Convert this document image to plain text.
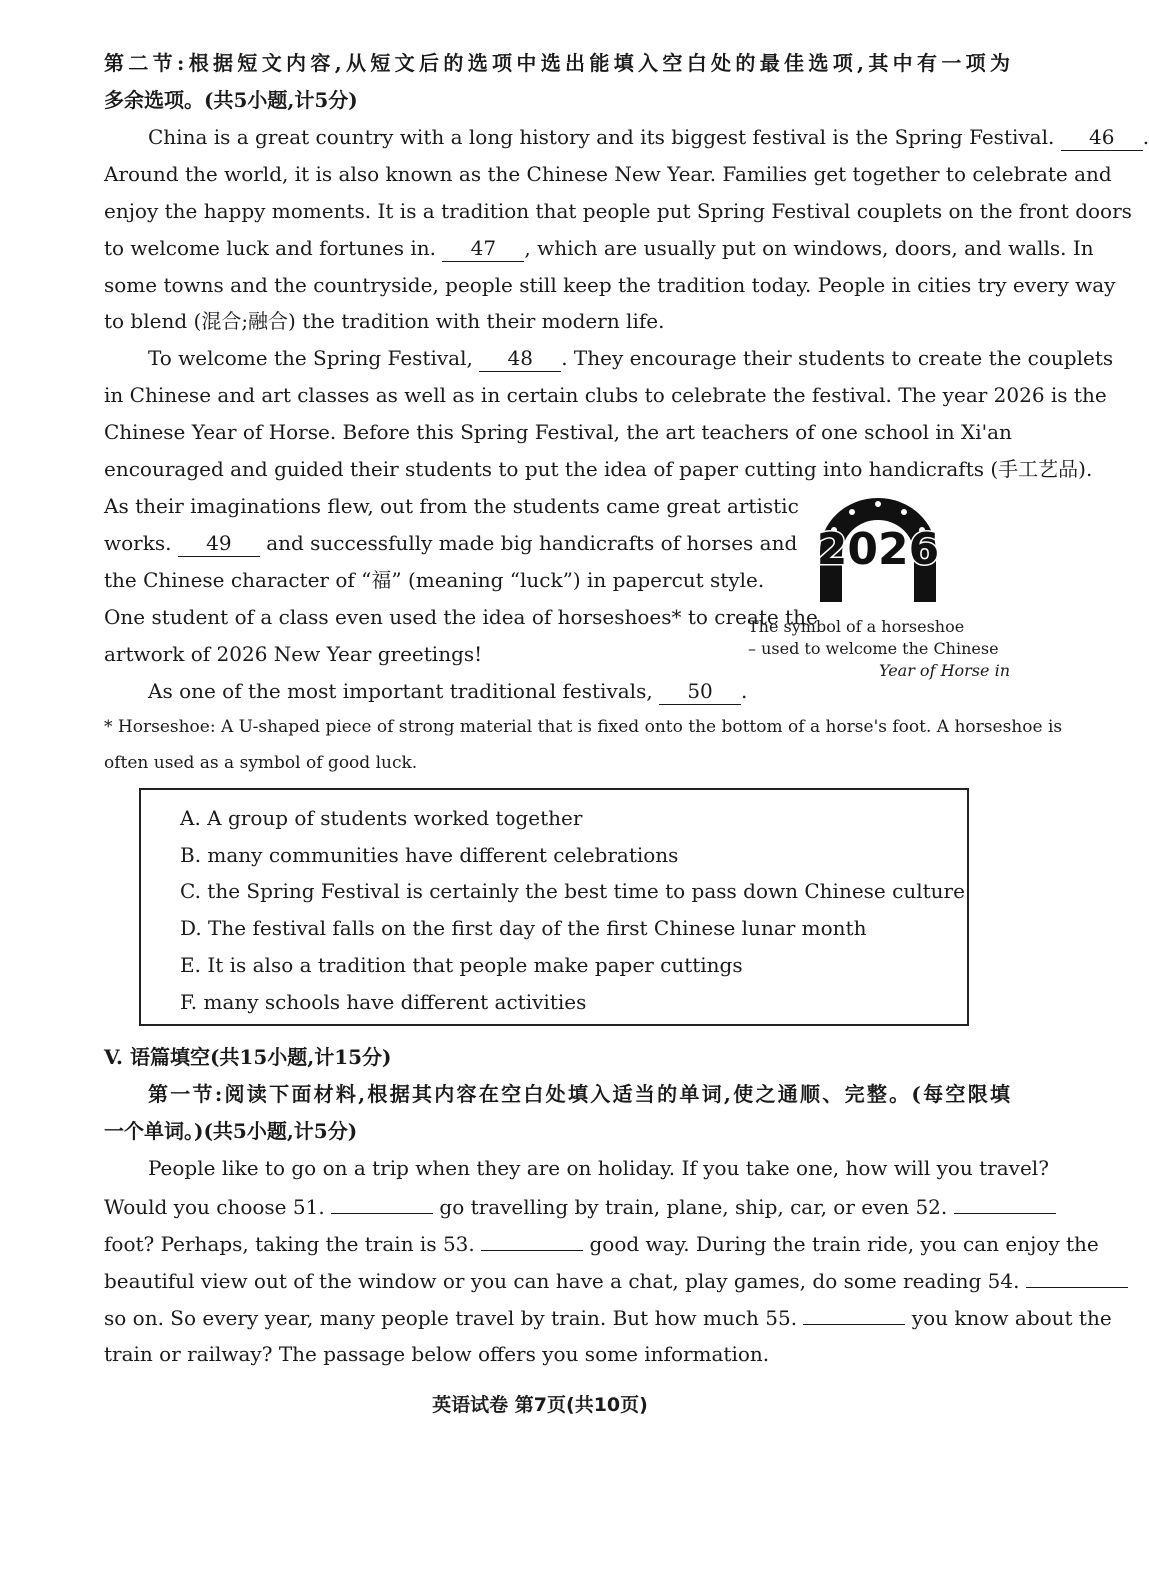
第二节:根据短文内容,从短文后的选项中选出能填入空白处的最佳选项,其中有一项为
多余选项。(共5小题,计5分)
China is a great country with a long history and its biggest festival is the Spring Festival. 46 .
Around the world, it is also known as the Chinese New Year. Families get together to celebrate and
enjoy the happy moments. It is a tradition that people put Spring Festival couplets on the front doors
to welcome luck and fortunes in. 47 , which are usually put on windows, doors, and walls. In
some towns and the countryside, people still keep the tradition today. People in cities try every way
to blend (混合;融合) the tradition with their modern life.
To welcome the Spring Festival, 48 . They encourage their students to create the couplets
in Chinese and art classes as well as in certain clubs to celebrate the festival. The year 2026 is the
Chinese Year of Horse. Before this Spring Festival, the art teachers of one school in Xi'an
encouraged and guided their students to put the idea of paper cutting into handicrafts (手工艺品).
As their imaginations flew, out from the students came great artistic
works. 49 and successfully made big handicrafts of horses and
the Chinese character of “福” (meaning “luck”) in papercut style.
One student of a class even used the idea of horseshoes* to create the
artwork of 2026 New Year greetings!
2026
The symbol of a horseshoe
– used to welcome the Chinese
Year of Horse in
As one of the most important traditional festivals, 50 .
* Horseshoe: A U-shaped piece of strong material that is fixed onto the bottom of a horse's foot. A horseshoe is
often used as a symbol of good luck.
A. A group of students worked together
B. many communities have different celebrations
C. the Spring Festival is certainly the best time to pass down Chinese culture
D. The festival falls on the first day of the first Chinese lunar month
E. It is also a tradition that people make paper cuttings
F. many schools have different activities
V. 语篇填空(共15小题,计15分)
第一节:阅读下面材料,根据其内容在空白处填入适当的单词,使之通顺、完整。(每空限填
一个单词。)(共5小题,计5分)
People like to go on a trip when they are on holiday. If you take one, how will you travel?
Would you choose 51.	go travelling by train, plane, ship, car, or even 52.
foot? Perhaps, taking the train is 53.	good way. During the train ride, you can enjoy the
beautiful view out of the window or you can have a chat, play games, do some reading 54.
so on. So every year, many people travel by train. But how much 55.	you know about the
train or railway? The passage below offers you some information.
英语试卷 第7页(共10页)
